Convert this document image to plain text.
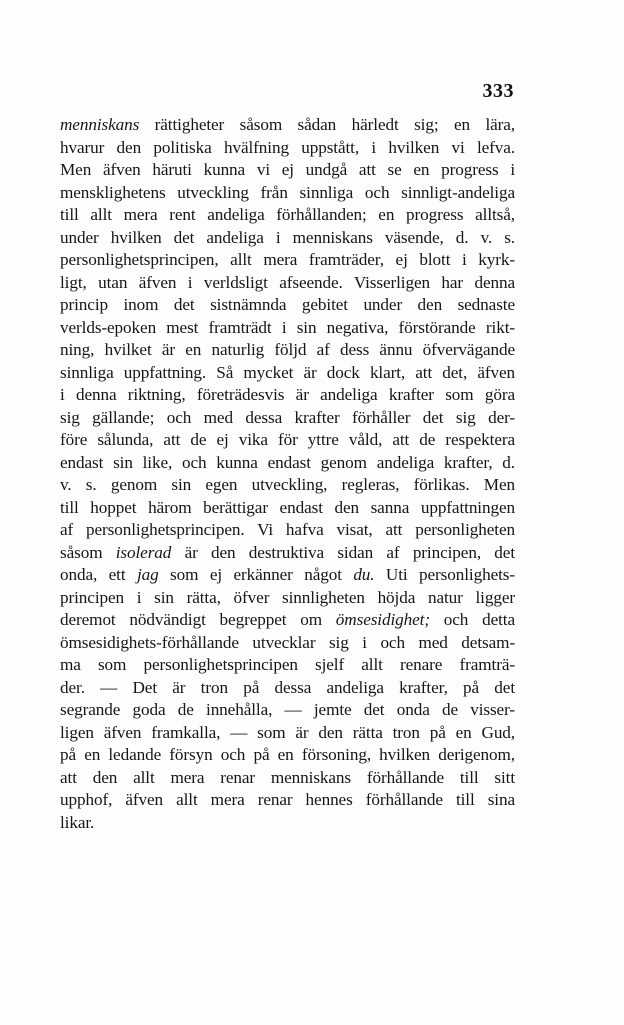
333
menniskans rättigheter såsom sådan härledt sig; en lära,
hvarur den politiska hvälfning uppstått, i hvilken vi lefva.
Men äfven häruti kunna vi ej undgå att se en progress i
mensklighetens utveckling från sinnliga och sinnligt-andeliga
till allt mera rent andeliga förhållanden; en progress alltså,
under hvilken det andeliga i menniskans väsende, d. v. s.
personlighetsprincipen, allt mera framträder, ej blott i kyrk-
ligt, utan äfven i verldsligt afseende. Visserligen har denna
princip inom det sistnämnda gebitet under den sednaste
verlds-epoken mest framträdt i sin negativa, förstörande rikt-
ning, hvilket är en naturlig följd af dess ännu öfvervägande
sinnliga uppfattning. Så mycket är dock klart, att det, äfven
i denna riktning, företrädesvis är andeliga krafter som göra
sig gällande; och med dessa krafter förhåller det sig der-
före sålunda, att de ej vika för yttre våld, att de respektera
endast sin like, och kunna endast genom andeliga krafter, d.
v. s. genom sin egen utveckling, regleras, förlikas. Men
till hoppet härom berättigar endast den sanna uppfattningen
af personlighetsprincipen. Vi hafva visat, att personligheten
såsom isolerad är den destruktiva sidan af principen, det
onda, ett jag som ej erkänner något du. Uti personlighets-
principen i sin rätta, öfver sinnligheten höjda natur ligger
deremot nödvändigt begreppet om ömsesidighet; och detta
ömsesidighets-förhållande utvecklar sig i och med detsam-
ma som personlighetsprincipen sjelf allt renare framträ-
der. — Det är tron på dessa andeliga krafter, på det
segrande goda de innehålla, — jemte det onda de visser-
ligen äfven framkalla, — som är den rätta tron på en Gud,
på en ledande försyn och på en försoning, hvilken derigenom,
att den allt mera renar menniskans förhållande till sitt
upphof, äfven allt mera renar hennes förhållande till sina
likar.
